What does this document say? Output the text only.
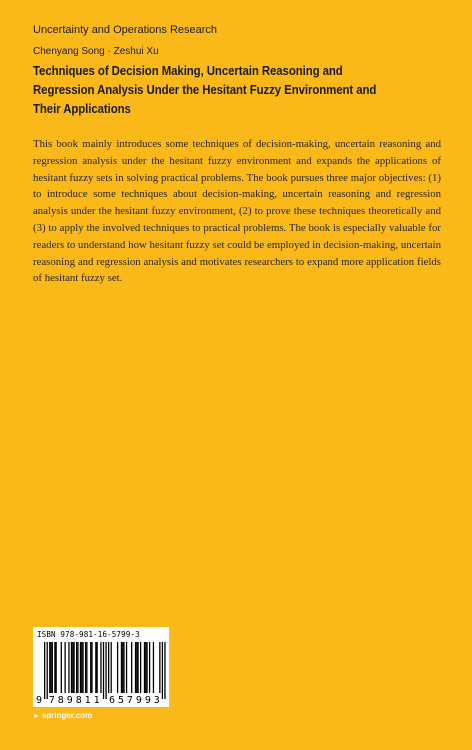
Uncertainty and Operations Research
Chenyang Song · Zeshui Xu
Techniques of Decision Making, Uncertain Reasoning and Regression Analysis Under the Hesitant Fuzzy Environment and Their Applications
This book mainly introduces some techniques of decision-making, uncertain reasoning and regression analysis under the hesitant fuzzy environment and expands the applications of hesitant fuzzy sets in solving practical problems. The book pursues three major objectives: (1) to introduce some techniques about decision-making, uncertain reasoning and regression analysis under the hesitant fuzzy environment, (2) to prove these techniques theoretically and (3) to apply the involved techniques to practical problems. The book is especially valuable for readers to understand how hesitant fuzzy set could be employed in decision-making, uncertain reasoning and regression analysis and motivates researchers to expand more application fields of hesitant fuzzy set.
ISBN 978-981-16-5799-3
9 7 8 9 8 1 1 6 5 7 9 9 3
► springer.com
